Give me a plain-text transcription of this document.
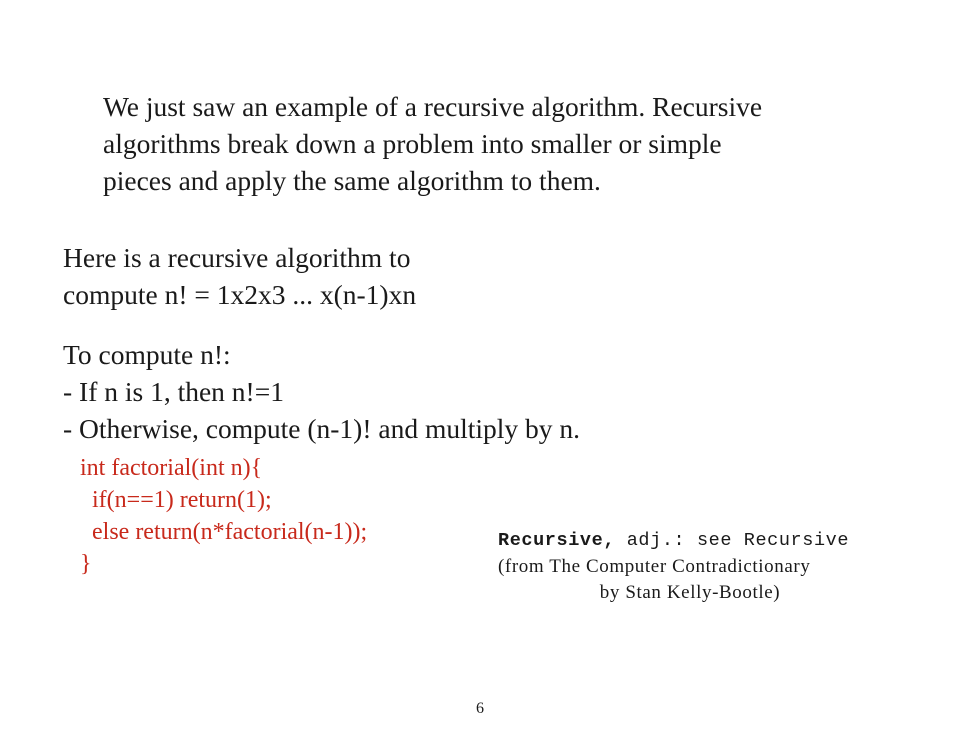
We just saw an example of a recursive algorithm. Recursive
algorithms break down a problem into smaller or simple
pieces and apply the same algorithm to them.
Here is a recursive algorithm to
compute n! = 1x2x3 ... x(n-1)xn
To compute n!:
- If n is 1, then n!=1
- Otherwise, compute (n-1)! and multiply by n.
int factorial(int n){
if(n==1) return(1);
else return(n*factorial(n-1));
}
Recursive, adj.: see Recursive
(from The Computer Contradictionary
by Stan Kelly-Bootle)
6
